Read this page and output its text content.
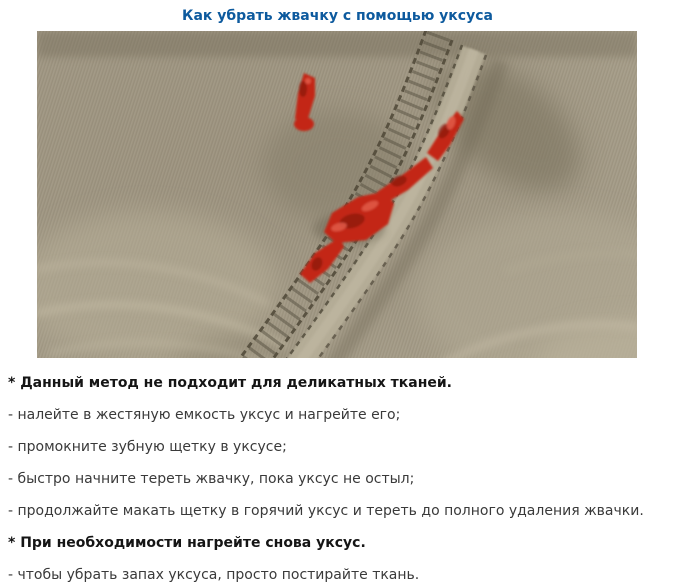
Как убрать жвачку с помощью уксуса

* Данный метод не подходит для деликатных тканей.

- налейте в жестяную емкость уксус и нагрейте его;

- промокните зубную щетку в уксусе;

- быстро начните тереть жвачку, пока уксус не остыл;

- продолжайте макать щетку в горячий уксус и тереть до полного удаления жвачки.

* При необходимости нагрейте снова уксус.

- чтобы убрать запах уксуса, просто постирайте ткань.
